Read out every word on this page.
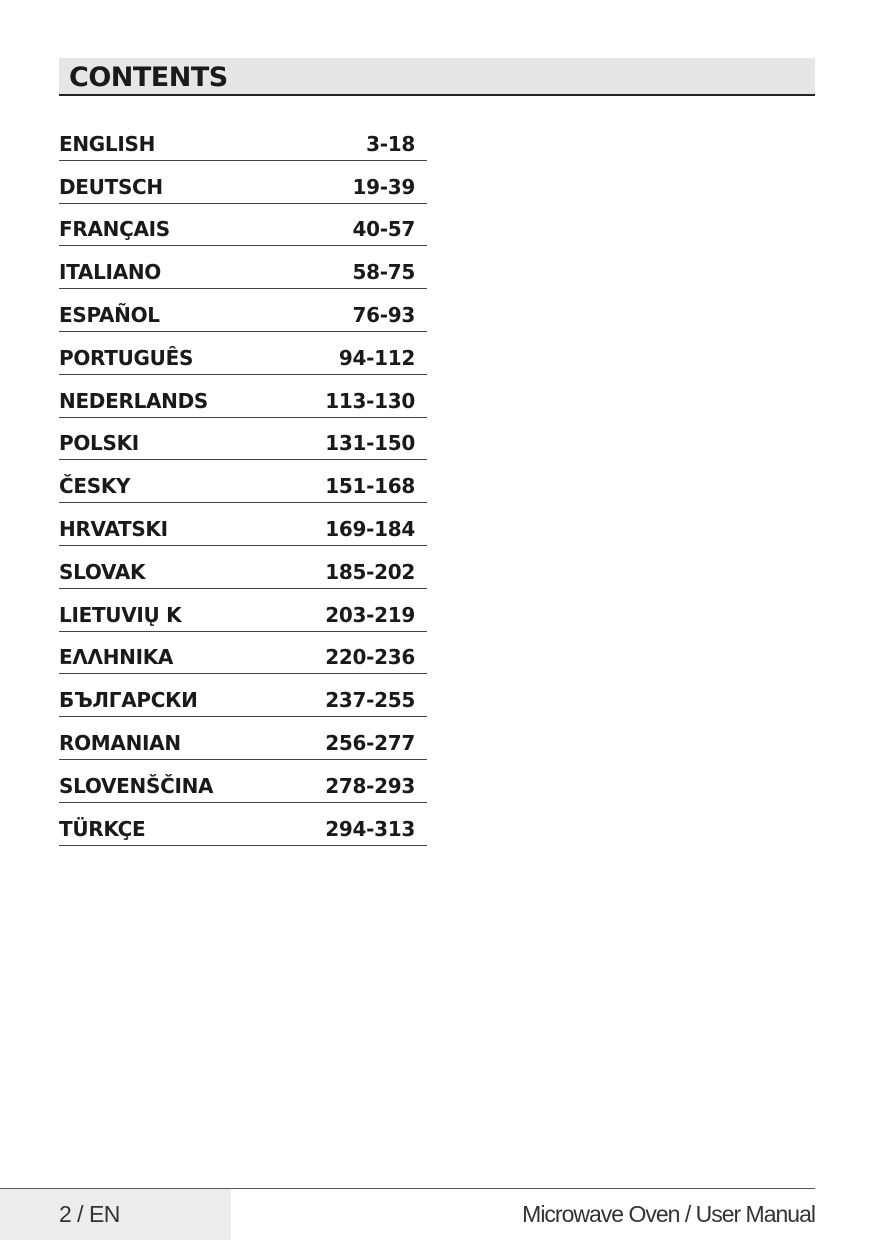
CONTENTS
ENGLISH	3-18
DEUTSCH	19-39
FRANÇAIS	40-57
ITALIANO	58-75
ESPAÑOL	76-93
PORTUGUÊS	94-112
NEDERLANDS	113-130
POLSKI	131-150
ČESKY	151-168
HRVATSKI	169-184
SLOVAK	185-202
LIETUVIŲ K	203-219
ΕΛΛΗΝΙΚΑ	220-236
БЪЛГАРСКИ	237-255
ROMANIAN	256-277
SLOVENŠČINA	278-293
TÜRKÇE	294-313
2 / EN	Microwave Oven / User Manual
